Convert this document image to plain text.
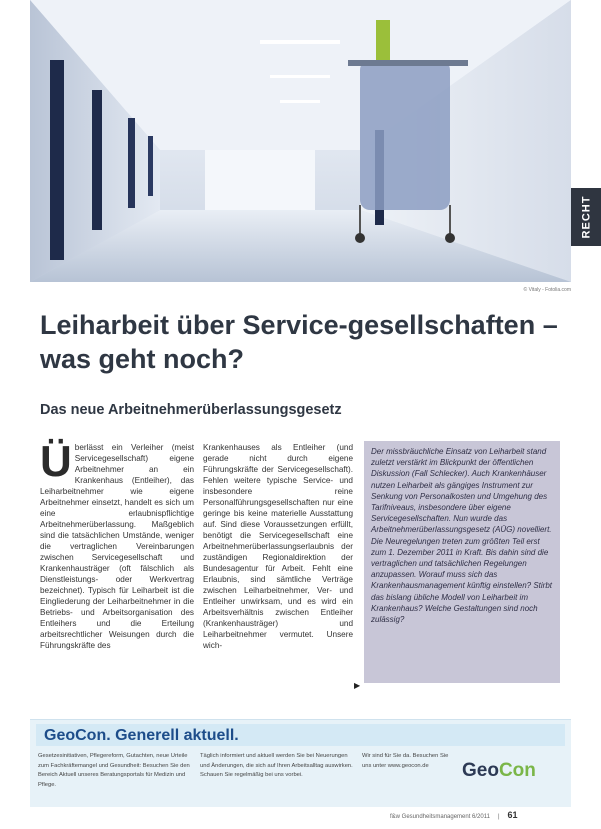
© Vitaly - Fotolia.com
RECHT
Leiharbeit über Service-gesellschaften – was geht noch?
Das neue Arbeitnehmerüberlassungsgesetz

Überlässt ein Verleiher (meist Servicegesellschaft) eigene Arbeitnehmer an ein Krankenhaus (Entleiher), das Leiharbeitnehmer wie eigene Arbeitnehmer einsetzt, handelt es sich um eine erlaubnispflichtige Arbeitnehmerüberlassung. Maßgeblich sind die tatsächlichen Umstände, weniger die vertraglichen Vereinbarungen zwischen Servicegesellschaft und Krankenhausträger (oft fälschlich als Dienstleistungs- oder Werkvertrag bezeichnet). Typisch für Leiharbeit ist die Eingliederung der Leiharbeitnehmer in die Betriebs- und Arbeitsorganisation des Entleihers und die Erteilung arbeitsrechtlicher Weisungen durch die Führungskräfte des

Krankenhauses als Entleiher (und gerade nicht durch eigene Führungskräfte der Servicegesellschaft). Fehlen weitere typische Service- und insbesondere reine Personalführungsgesellschaften nur eine geringe bis keine materielle Ausstattung auf. Sind diese Voraussetzungen erfüllt, benötigt die Servicegesellschaft eine Arbeitnehmerüberlassungserlaubnis der zuständigen Regionaldirektion der Bundesagentur für Arbeit. Fehlt eine Erlaubnis, sind sämtliche Verträge zwischen Leiharbeitnehmer, Ver- und Entleiher unwirksam, und es wird ein Arbeitsverhältnis zwischen Entleiher (Krankenhausträger) und Leiharbeitnehmer vermutet. Unsere wich-

▶

Der missbräuchliche Einsatz von Leiharbeit stand zuletzt verstärkt im Blickpunkt der öffentlichen Diskussion (Fall Schlecker). Auch Krankenhäuser nutzen Leiharbeit als gängiges Instrument zur Senkung von Personalkosten und Umgehung des Tarifniveaus, insbesondere über eigene Servicegesellschaften. Nun wurde das Arbeitnehmerüberlassungsgesetz (AÜG) novelliert. Die Neuregelungen treten zum größten Teil erst zum 1. Dezember 2011 in Kraft. Bis dahin sind die vertraglichen und tatsächlichen Regelungen anzupassen. Worauf muss sich das Krankenhausmanagement künftig einstellen? Stirbt das bislang übliche Modell von Leiharbeit im Krankenhaus? Welche Gestaltungen sind noch zulässig?

GeoCon. Generell aktuell.

Gesetzesinitiativen, Pflegereform, Gutachten, neue Urteile zum Fachkräftemangel und Gesundheit: Besuchen Sie den Bereich Aktuell unseres Beratungsportals für Medizin und Pflege.

Täglich informiert und aktuell werden Sie bei Neuerungen und Änderungen, die sich auf Ihren Arbeitsalltag auswirken. Schauen Sie regelmäßig bei uns vorbei.

Wir sind für Sie da. Besuchen Sie uns unter www.geocon.de	GeoCon
f&w Gesundheitsmanagement 6/2011 | 61
